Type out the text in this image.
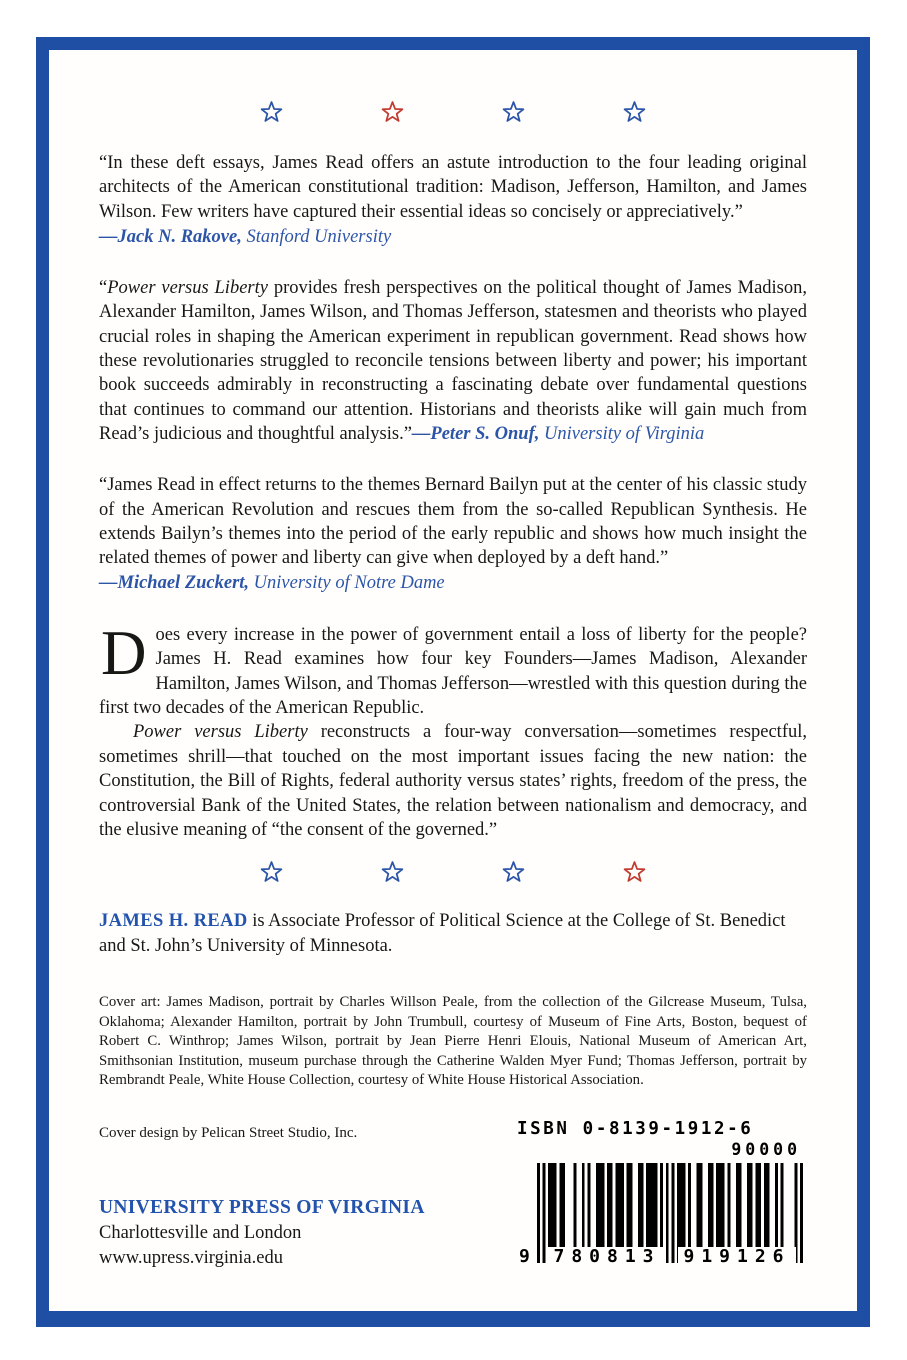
“In these deft essays, James Read offers an astute introduction to the four leading original architects of the American constitutional tradition: Madison, Jefferson, Hamilton, and James Wilson. Few writers have captured their essential ideas so concisely or appreciatively.”

—Jack N. Rakove, Stanford University

“Power versus Liberty provides fresh perspectives on the political thought of James Madison, Alexander Hamilton, James Wilson, and Thomas Jefferson, statesmen and theorists who played crucial roles in shaping the American experiment in republican government. Read shows how these revolutionaries struggled to reconcile tensions between liberty and power; his important book succeeds admirably in reconstructing a fascinating debate over fundamental questions that continues to command our attention. Historians and theorists alike will gain much from Read’s judicious and thoughtful analysis.”—Peter S. Onuf, University of Virginia

“James Read in effect returns to the themes Bernard Bailyn put at the center of his classic study of the American Revolution and rescues them from the so-called Republican Synthesis. He extends Bailyn’s themes into the period of the early republic and shows how much insight the related themes of power and liberty can give when deployed by a deft hand.”

—Michael Zuckert, University of Notre Dame

Does every increase in the power of government entail a loss of liberty for the people? James H. Read examines how four key Founders—James Madison, Alexander Hamilton, James Wilson, and Thomas Jefferson—wrestled with this question during the first two decades of the American Republic.

Power versus Liberty reconstructs a four-way conversation—sometimes respectful, sometimes shrill—that touched on the most important issues facing the new nation: the Constitution, the Bill of Rights, federal authority versus states’ rights, freedom of the press, the controversial Bank of the United States, the relation between nationalism and democracy, and the elusive meaning of “the consent of the governed.”

JAMES H. READ is Associate Professor of Political Science at the College of St. Benedict and St. John’s University of Minnesota.

Cover art: James Madison, portrait by Charles Willson Peale, from the collection of the Gilcrease Museum, Tulsa, Oklahoma; Alexander Hamilton, portrait by John Trumbull, courtesy of Museum of Fine Arts, Boston, bequest of Robert C. Winthrop; James Wilson, portrait by Jean Pierre Henri Elouis, National Museum of American Art, Smithsonian Institution, museum purchase through the Catherine Walden Myer Fund; Thomas Jefferson, portrait by Rembrandt Peale, White House Collection, courtesy of White House Historical Association.

Cover design by Pelican Street Studio, Inc.

UNIVERSITY PRESS OF VIRGINIA

Charlottesville and London

www.upress.virginia.edu

ISBN 0-8139-1912-6

90000

9	780813	919126
